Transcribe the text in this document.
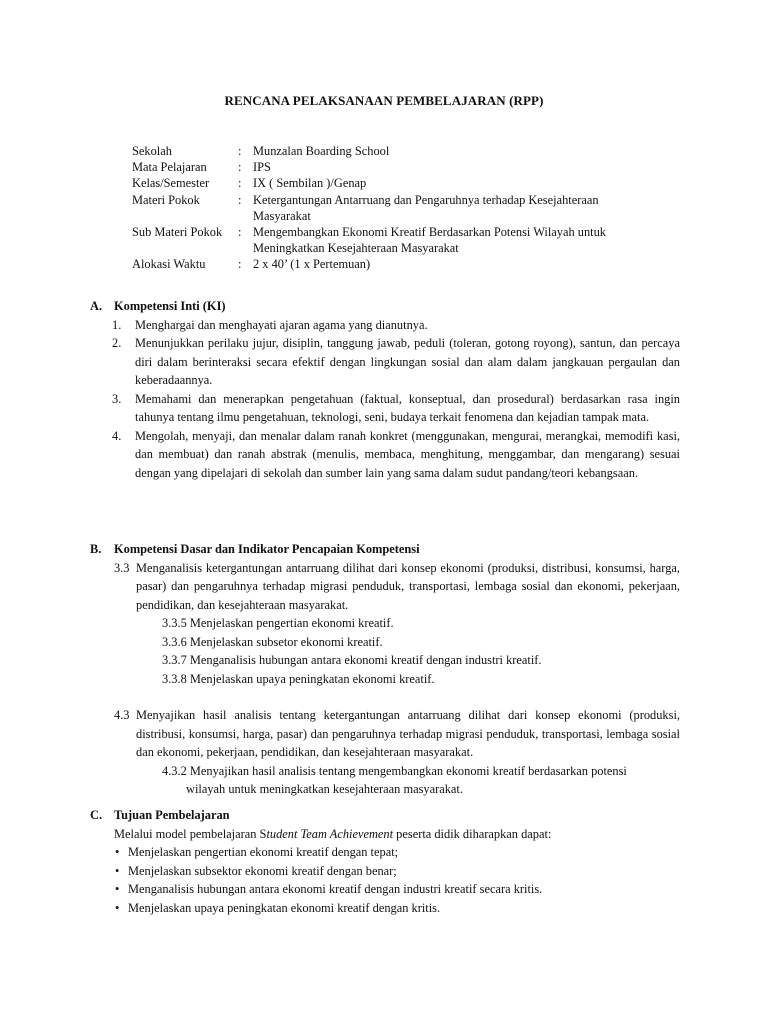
RENCANA PELAKSANAAN PEMBELAJARAN (RPP)
Sekolah	:	Munzalan Boarding School
Mata Pelajaran	:	IPS
Kelas/Semester	:	IX ( Sembilan )/Genap
Materi Pokok	:	Ketergantungan Antarruang dan Pengaruhnya terhadap Kesejahteraan Masyarakat
Sub Materi Pokok	:	Mengembangkan Ekonomi Kreatif Berdasarkan Potensi Wilayah untuk Meningkatkan Kesejahteraan Masyarakat
Alokasi Waktu	:	2 x 40’ (1 x Pertemuan)
A. Kompetensi Inti (KI)
1. Menghargai dan menghayati ajaran agama yang dianutnya.
2. Menunjukkan perilaku jujur, disiplin, tanggung jawab, peduli (toleran, gotong royong), santun, dan percaya diri dalam berinteraksi secara efektif dengan lingkungan sosial dan alam dalam jangkauan pergaulan dan keberadaannya.
3. Memahami dan menerapkan pengetahuan (faktual, konseptual, dan prosedural) berdasarkan rasa ingin tahunya tentang ilmu pengetahuan, teknologi, seni, budaya terkait fenomena dan kejadian tampak mata.
4. Mengolah, menyaji, dan menalar dalam ranah konkret (menggunakan, mengurai, merangkai, memodifi kasi, dan membuat) dan ranah abstrak (menulis, membaca, menghitung, menggambar, dan mengarang) sesuai dengan yang dipelajari di sekolah dan sumber lain yang sama dalam sudut pandang/teori kebangsaan.
B. Kompetensi Dasar dan Indikator Pencapaian Kompetensi
3.3 Menganalisis ketergantungan antarruang dilihat dari konsep ekonomi (produksi, distribusi, konsumsi, harga, pasar) dan pengaruhnya terhadap migrasi penduduk, transportasi, lembaga sosial dan ekonomi, pekerjaan, pendidikan, dan kesejahteraan masyarakat.
3.3.5 Menjelaskan pengertian ekonomi kreatif.
3.3.6 Menjelaskan subsetor ekonomi kreatif.
3.3.7 Menganalisis hubungan antara ekonomi kreatif dengan industri kreatif.
3.3.8 Menjelaskan upaya peningkatan ekonomi kreatif.
4.3 Menyajikan hasil analisis tentang ketergantungan antarruang dilihat dari konsep ekonomi (produksi, distribusi, konsumsi, harga, pasar) dan pengaruhnya terhadap migrasi penduduk, transportasi, lembaga sosial dan ekonomi, pekerjaan, pendidikan, dan kesejahteraan masyarakat.
4.3.2 Menyajikan hasil analisis tentang mengembangkan ekonomi kreatif berdasarkan potensi
wilayah untuk meningkatkan kesejahteraan masyarakat.
C. Tujuan Pembelajaran
Melalui model pembelajaran Student Team Achievement peserta didik diharapkan dapat:
• Menjelaskan pengertian ekonomi kreatif dengan tepat;
• Menjelaskan subsektor ekonomi kreatif dengan benar;
• Menganalisis hubungan antara ekonomi kreatif dengan industri kreatif secara kritis.
• Menjelaskan upaya peningkatan ekonomi kreatif dengan kritis.
